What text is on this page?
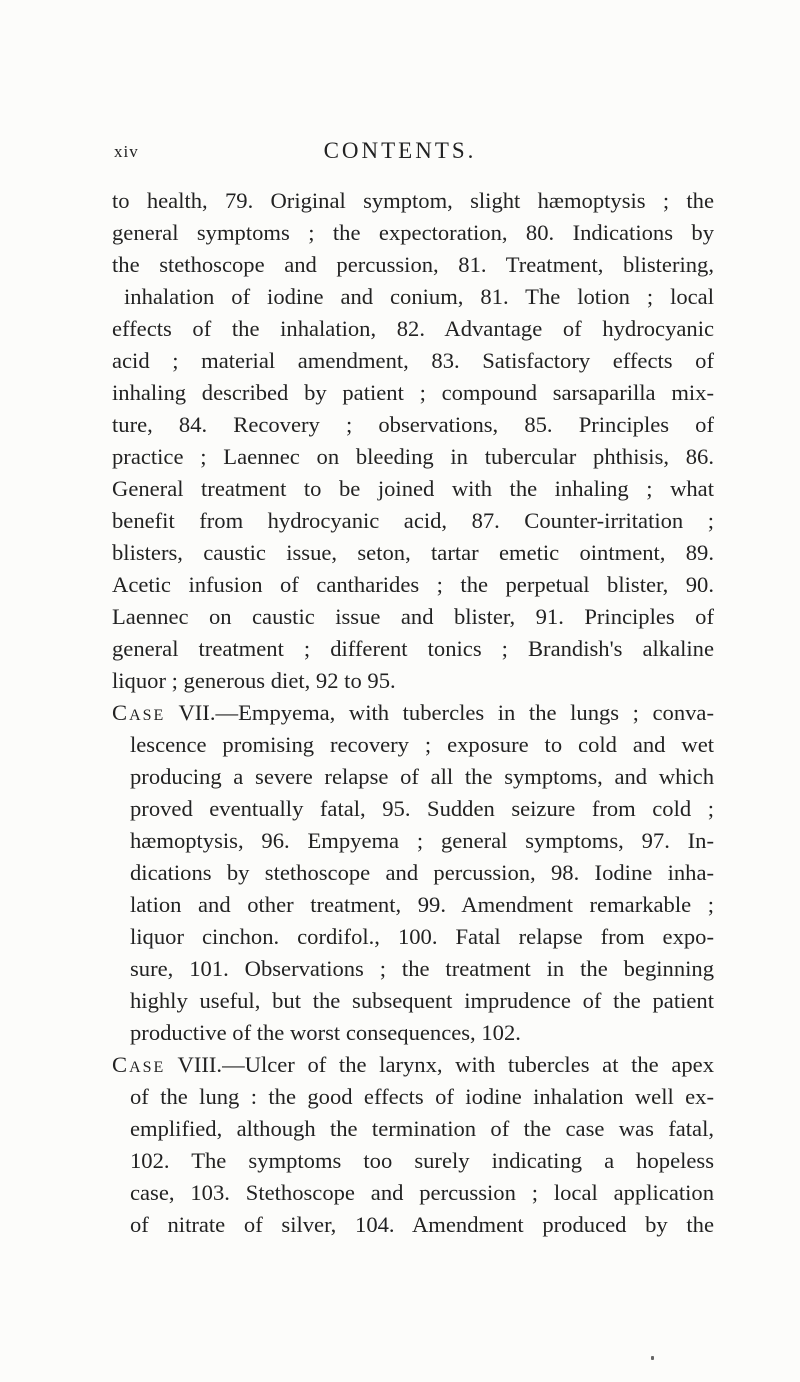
xiv	CONTENTS.
to health, 79. Original symptom, slight hæmoptysis ; the
general symptoms ; the expectoration, 80. Indications by
the stethoscope and percussion, 81. Treatment, blistering,
inhalation of iodine and conium, 81. The lotion ; local
effects of the inhalation, 82. Advantage of hydrocyanic
acid ; material amendment, 83. Satisfactory effects of
inhaling described by patient ; compound sarsaparilla mix-
ture, 84. Recovery ; observations, 85. Principles of
practice ; Laennec on bleeding in tubercular phthisis, 86.
General treatment to be joined with the inhaling ; what
benefit from hydrocyanic acid, 87. Counter-irritation ;
blisters, caustic issue, seton, tartar emetic ointment, 89.
Acetic infusion of cantharides ; the perpetual blister, 90.
Laennec on caustic issue and blister, 91. Principles of
general treatment ; different tonics ; Brandish's alkaline
liquor ; generous diet, 92 to 95.
Case VII.—Empyema, with tubercles in the lungs ; conva-
lescence promising recovery ; exposure to cold and wet
producing a severe relapse of all the symptoms, and which
proved eventually fatal, 95. Sudden seizure from cold ;
hæmoptysis, 96. Empyema ; general symptoms, 97. In-
dications by stethoscope and percussion, 98. Iodine inha-
lation and other treatment, 99. Amendment remarkable ;
liquor cinchon. cordifol., 100. Fatal relapse from expo-
sure, 101. Observations ; the treatment in the beginning
highly useful, but the subsequent imprudence of the patient
productive of the worst consequences, 102.
Case VIII.—Ulcer of the larynx, with tubercles at the apex
of the lung : the good effects of iodine inhalation well ex-
emplified, although the termination of the case was fatal,
102. The symptoms too surely indicating a hopeless
case, 103. Stethoscope and percussion ; local application
of nitrate of silver, 104. Amendment produced by the
